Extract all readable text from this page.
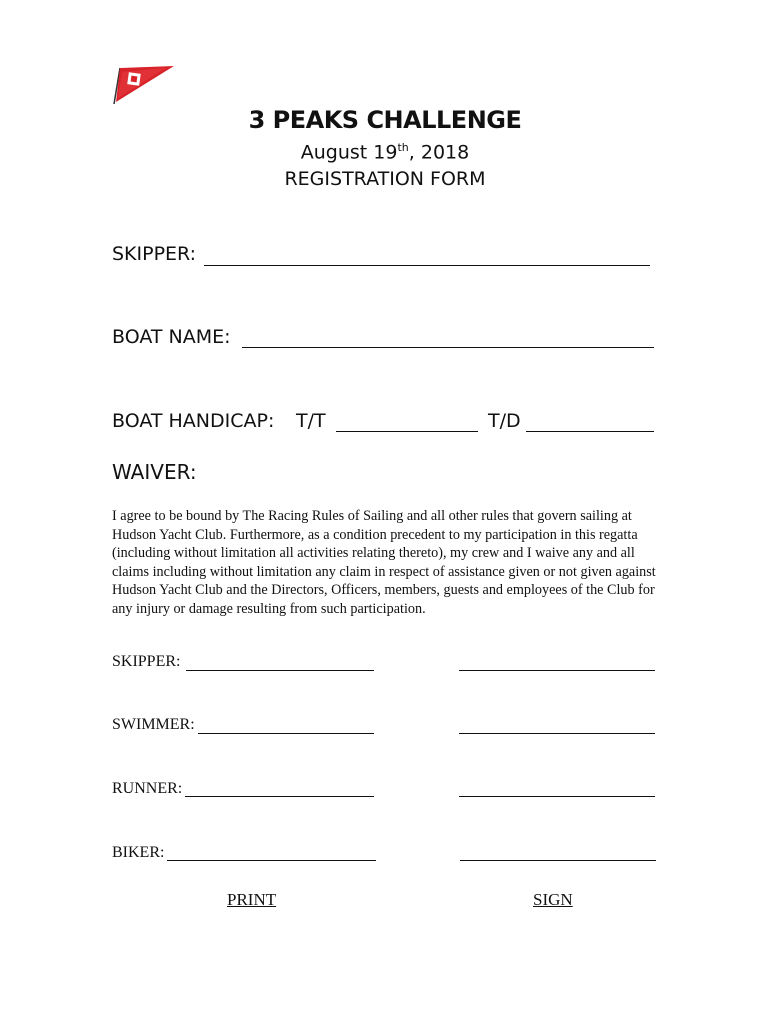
3 PEAKS CHALLENGE
August 19th, 2018
REGISTRATION FORM
SKIPPER:
BOAT NAME:
BOAT HANDICAP: T/T	T/D
WAIVER:
I agree to be bound by The Racing Rules of Sailing and all other rules that govern sailing at Hudson Yacht Club. Furthermore, as a condition precedent to my participation in this regatta (including without limitation all activities relating thereto), my crew and I waive any and all claims including without limitation any claim in respect of assistance given or not given against Hudson Yacht Club and the Directors, Officers, members, guests and employees of the Club for any injury or damage resulting from such participation.
SKIPPER:
SWIMMER:
RUNNER:
BIKER:
PRINT	SIGN
